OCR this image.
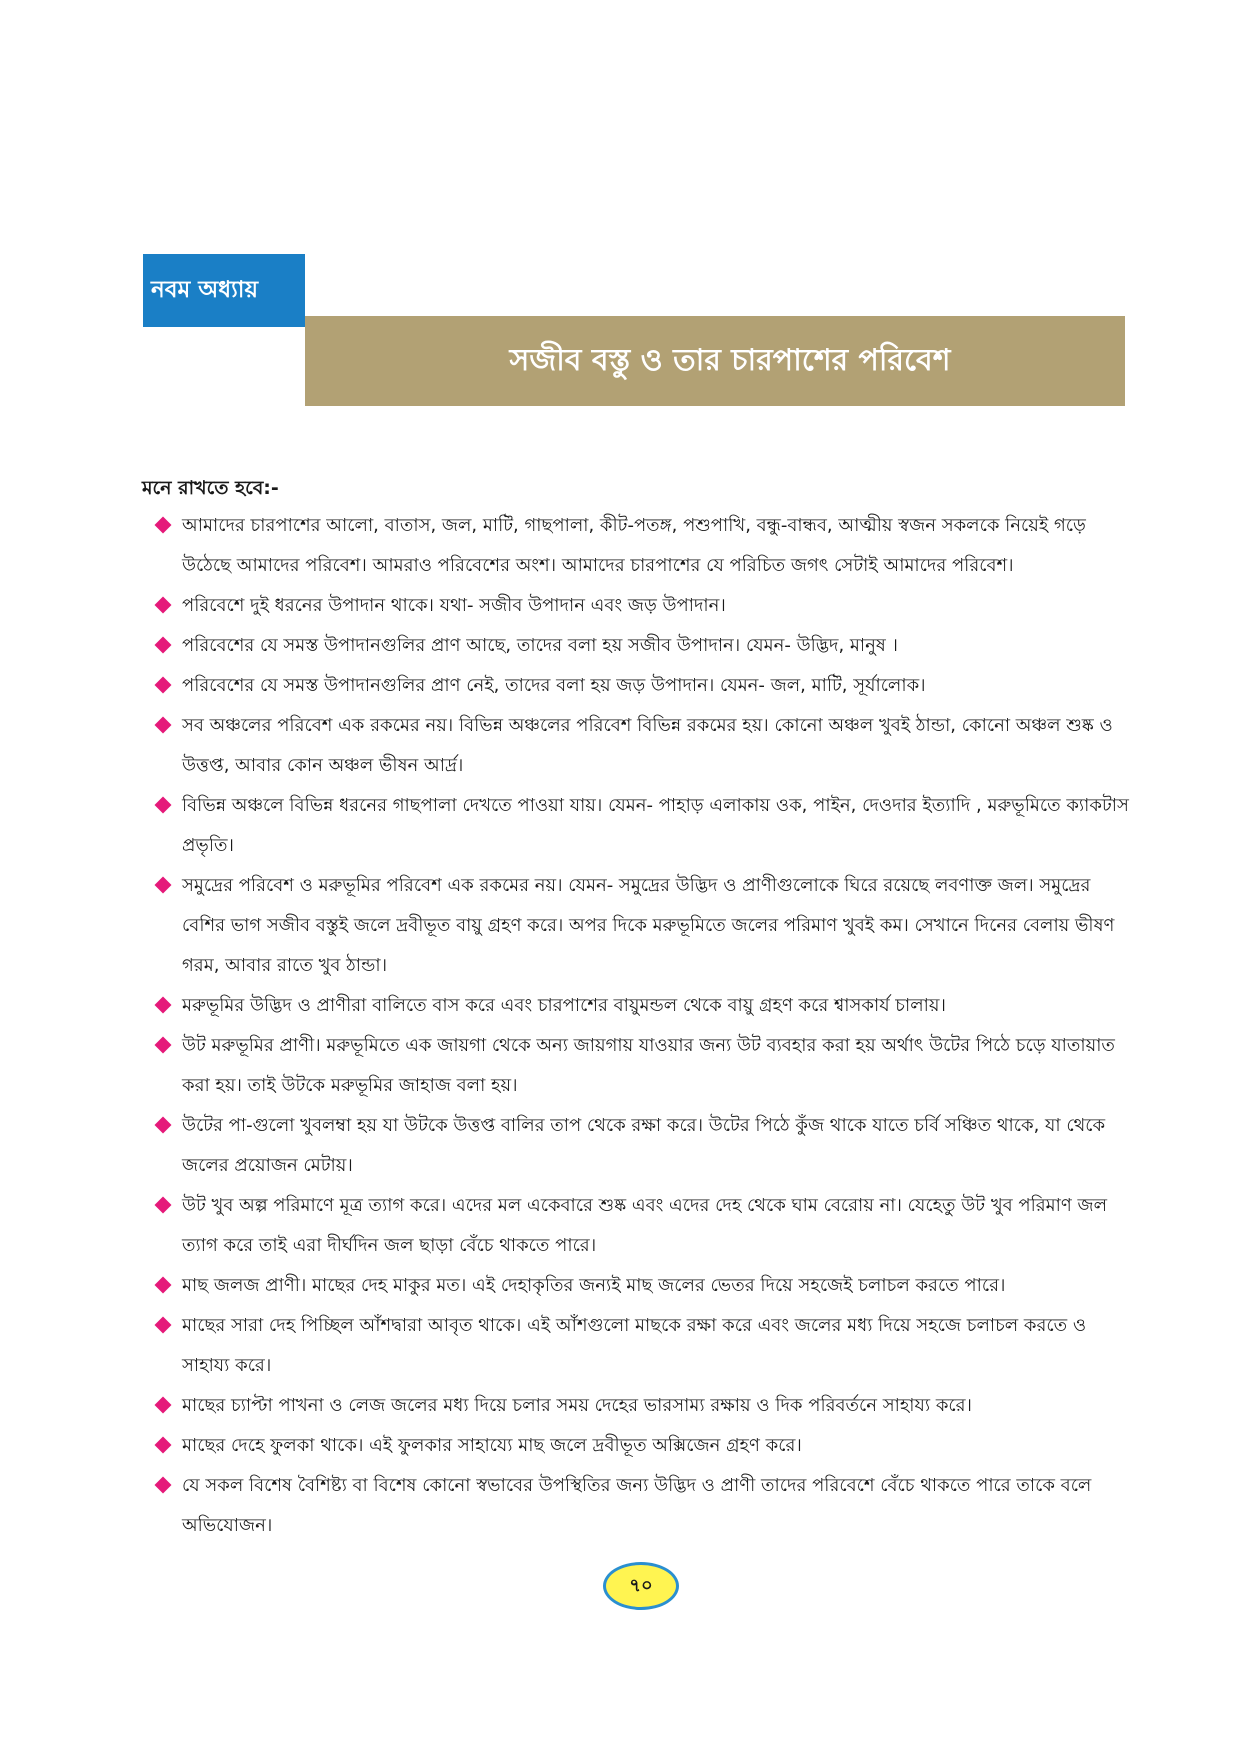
নবম অধ্যায়
সজীব বস্তু ও তার চারপাশের পরিবেশ
মনে রাখতে হবে:-
আমাদের চারপাশের আলো, বাতাস, জল, মাটি, গাছপালা, কীট-পতঙ্গ, পশুপাখি, বন্ধু-বান্ধব, আত্মীয় স্বজন সকলকে নিয়েই গড়ে উঠেছে আমাদের পরিবেশ। আমরাও পরিবেশের অংশ। আমাদের চারপাশের যে পরিচিত জগৎ সেটাই আমাদের পরিবেশ।
পরিবেশে দুই ধরনের উপাদান থাকে। যথা- সজীব উপাদান এবং জড় উপাদান।
পরিবেশের যে সমস্ত উপাদানগুলির প্রাণ আছে, তাদের বলা হয় সজীব উপাদান। যেমন- উদ্ভিদ, মানুষ ।
পরিবেশের যে সমস্ত উপাদানগুলির প্রাণ নেই, তাদের বলা হয় জড় উপাদান। যেমন- জল, মাটি, সূর্যালোক।
সব অঞ্চলের পরিবেশ এক রকমের নয়। বিভিন্ন অঞ্চলের পরিবেশ বিভিন্ন রকমের হয়। কোনো অঞ্চল খুবই ঠান্ডা, কোনো অঞ্চল শুষ্ক ও উত্তপ্ত, আবার কোন অঞ্চল ভীষন আর্দ্র।
বিভিন্ন অঞ্চলে বিভিন্ন ধরনের গাছপালা দেখতে পাওয়া যায়। যেমন- পাহাড় এলাকায় ওক, পাইন, দেওদার ইত্যাদি , মরুভূমিতে ক্যাকটাস প্রভৃতি।
সমুদ্রের পরিবেশ ও মরুভূমির পরিবেশ এক রকমের নয়। যেমন- সমুদ্রের উদ্ভিদ ও প্রাণীগুলোকে ঘিরে রয়েছে লবণাক্ত জল। সমুদ্রের বেশির ভাগ সজীব বস্তুই জলে দ্রবীভূত বায়ু গ্রহণ করে। অপর দিকে মরুভূমিতে জলের পরিমাণ খুবই কম। সেখানে দিনের বেলায় ভীষণ গরম, আবার রাতে খুব ঠান্ডা।
মরুভূমির উদ্ভিদ ও প্রাণীরা বালিতে বাস করে এবং চারপাশের বায়ুমন্ডল থেকে বায়ু গ্রহণ করে শ্বাসকার্য চালায়।
উট মরুভূমির প্রাণী। মরুভূমিতে এক জায়গা থেকে অন্য জায়গায় যাওয়ার জন্য উট ব্যবহার করা হয় অর্থাৎ উটের পিঠে চড়ে যাতায়াত করা হয়। তাই উটকে মরুভূমির জাহাজ বলা হয়।
উটের পা-গুলো খুবলম্বা হয় যা উটকে উত্তপ্ত বালির তাপ থেকে রক্ষা করে। উটের পিঠে কুঁজ থাকে যাতে চর্বি সঞ্চিত থাকে, যা থেকে জলের প্রয়োজন মেটায়।
উট খুব অল্প পরিমাণে মূত্র ত্যাগ করে। এদের মল একেবারে শুষ্ক এবং এদের দেহ থেকে ঘাম বেরোয় না। যেহেতু উট খুব পরিমাণ জল ত্যাগ করে তাই এরা দীর্ঘদিন জল ছাড়া বেঁচে থাকতে পারে।
মাছ জলজ প্রাণী। মাছের দেহ মাকুর মত। এই দেহাকৃতির জন্যই মাছ জলের ভেতর দিয়ে সহজেই চলাচল করতে পারে।
মাছের সারা দেহ পিচ্ছিল আঁশদ্বারা আবৃত থাকে। এই আঁশগুলো মাছকে রক্ষা করে এবং জলের মধ্য দিয়ে সহজে চলাচল করতে ও সাহায্য করে।
মাছের চ্যাপ্টা পাখনা ও লেজ জলের মধ্য দিয়ে চলার সময় দেহের ভারসাম্য রক্ষায় ও দিক পরিবর্তনে সাহায্য করে।
মাছের দেহে ফুলকা থাকে। এই ফুলকার সাহায্যে মাছ জলে দ্রবীভূত অক্সিজেন গ্রহণ করে।
যে সকল বিশেষ বৈশিষ্ট্য বা বিশেষ কোনো স্বভাবের উপস্থিতির জন্য উদ্ভিদ ও প্রাণী তাদের পরিবেশে বেঁচে থাকতে পারে তাকে বলে অভিযোজন।
৭০
